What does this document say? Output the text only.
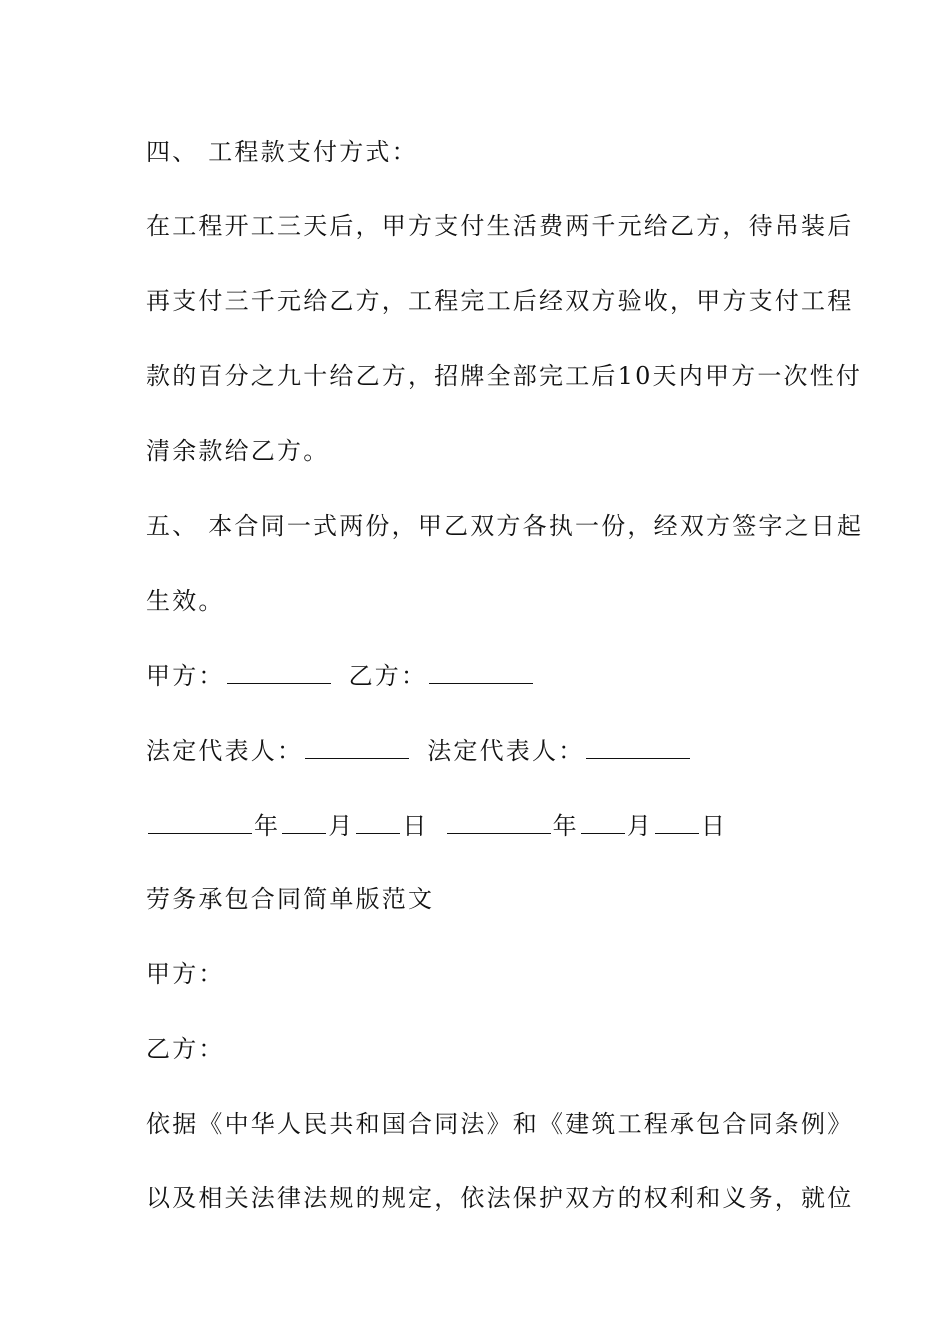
四、 工程款支付方式：
在工程开工三天后，甲方支付生活费两千元给乙方，待吊装后
再支付三千元给乙方，工程完工后经双方验收，甲方支付工程
款的百分之九十给乙方，招牌全部完工后10天内甲方一次性付
清余款给乙方。
五、 本合同一式两份，甲乙双方各执一份，经双方签字之日起
生效。
甲方：	乙方：
法定代表人：	法定代表人：
年 月 日	年 月 日
劳务承包合同简单版范文
甲方：
乙方：
依据《中华人民共和国合同法》和《建筑工程承包合同条例》
以及相关法律法规的规定，依法保护双方的权利和义务，就位
